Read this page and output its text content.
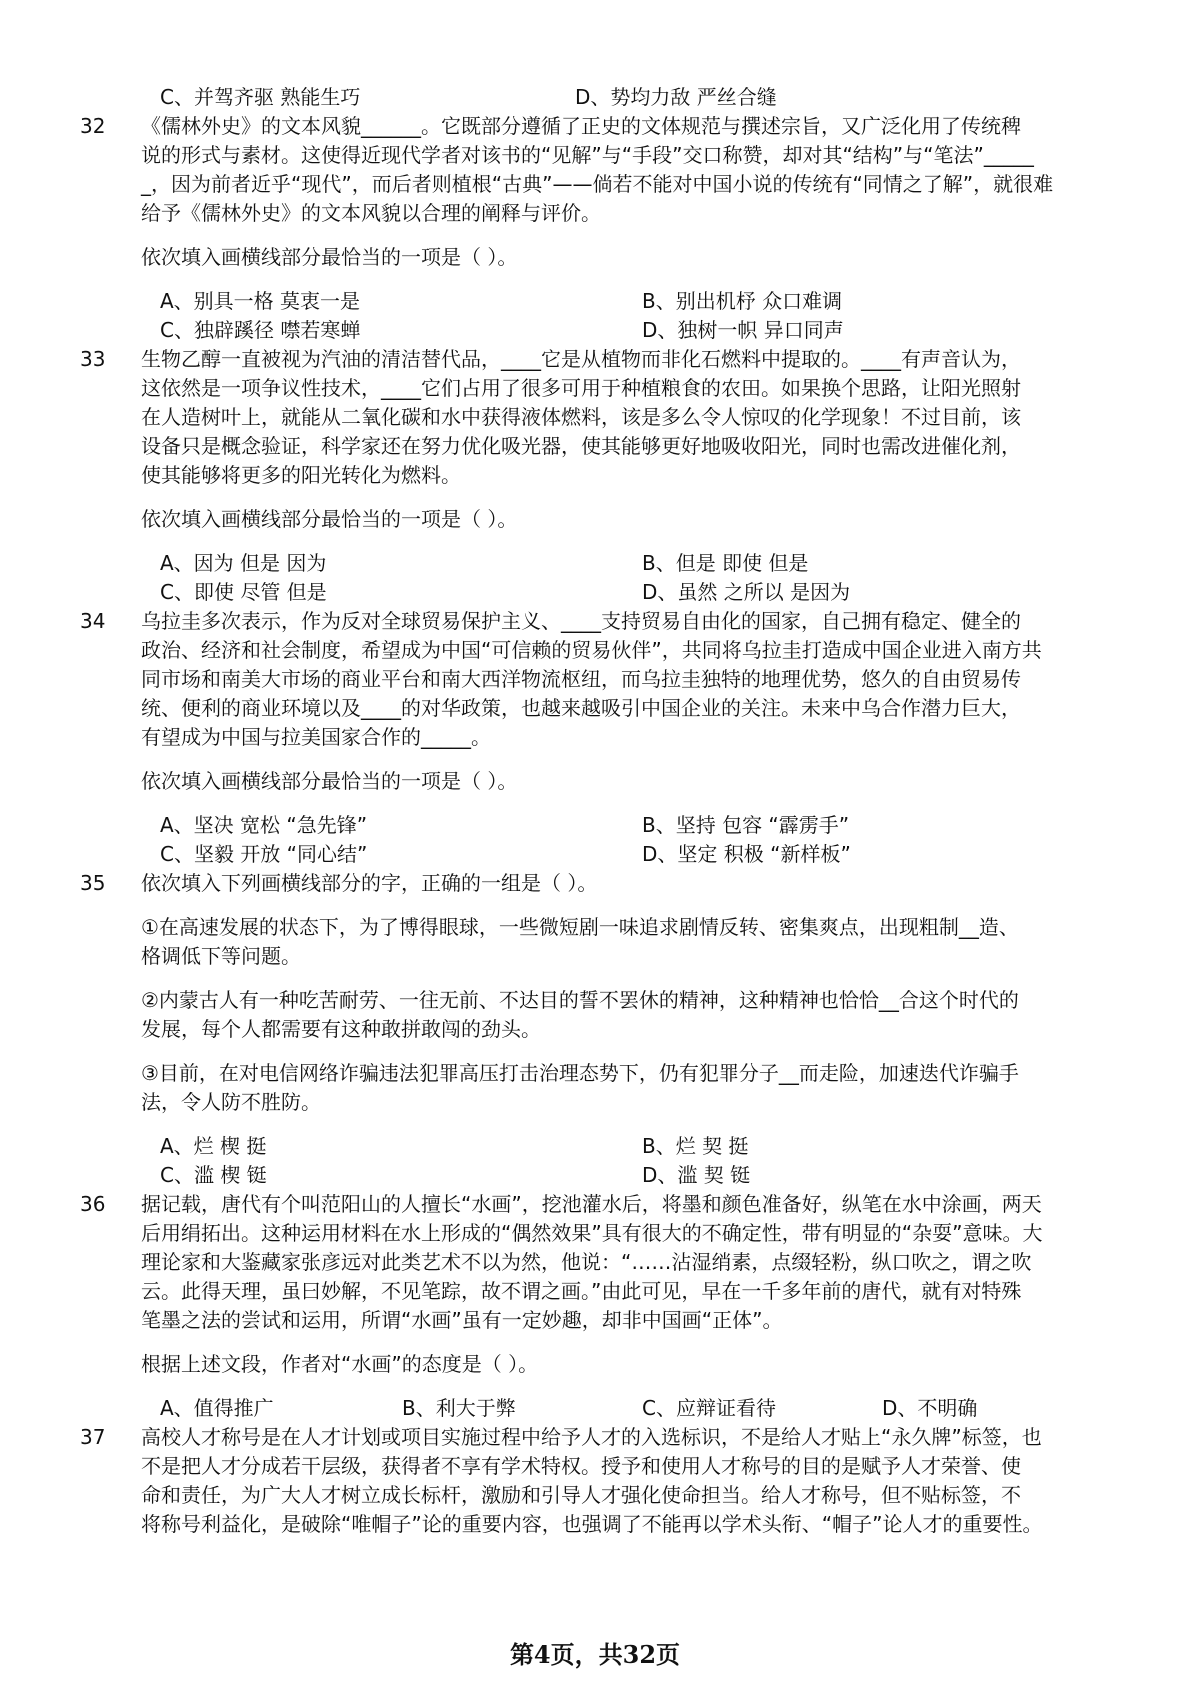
C、并驾齐驱 熟能生巧	D、势均力敌 严丝合缝
32 《儒林外史》的文本风貌______。它既部分遵循了正史的文体规范与撰述宗旨，又广泛化用了传统稗
说的形式与素材。这使得近现代学者对该书的“见解”与“手段”交口称赞，却对其“结构”与“笔法”_____
_，因为前者近乎“现代”，而后者则植根“古典”——倘若不能对中国小说的传统有“同情之了解”，就很难
给予《儒林外史》的文本风貌以合理的阐释与评价。
依次填入画横线部分最恰当的一项是（ ）。
A、别具一格 莫衷一是	B、别出机杼 众口难调
C、独辟蹊径 噤若寒蝉	D、独树一帜 异口同声
33 生物乙醇一直被视为汽油的清洁替代品，____它是从植物而非化石燃料中提取的。____有声音认为，
这依然是一项争议性技术，____它们占用了很多可用于种植粮食的农田。如果换个思路，让阳光照射
在人造树叶上，就能从二氧化碳和水中获得液体燃料，该是多么令人惊叹的化学现象！不过目前，该
设备只是概念验证，科学家还在努力优化吸光器，使其能够更好地吸收阳光，同时也需改进催化剂，
使其能够将更多的阳光转化为燃料。
依次填入画横线部分最恰当的一项是（ ）。
A、因为 但是 因为	B、但是 即使 但是
C、即使 尽管 但是	D、虽然 之所以 是因为
34 乌拉圭多次表示，作为反对全球贸易保护主义、____支持贸易自由化的国家，自己拥有稳定、健全的
政治、经济和社会制度，希望成为中国“可信赖的贸易伙伴”，共同将乌拉圭打造成中国企业进入南方共
同市场和南美大市场的商业平台和南大西洋物流枢纽，而乌拉圭独特的地理优势，悠久的自由贸易传
统、便利的商业环境以及____的对华政策，也越来越吸引中国企业的关注。未来中乌合作潜力巨大，
有望成为中国与拉美国家合作的_____。
依次填入画横线部分最恰当的一项是（ ）。
A、坚决 宽松 “急先锋”	B、坚持 包容 “霹雳手”
C、坚毅 开放 “同心结”	D、坚定 积极 “新样板”
35 依次填入下列画横线部分的字，正确的一组是（ ）。
①在高速发展的状态下，为了博得眼球，一些微短剧一味追求剧情反转、密集爽点，出现粗制__造、
格调低下等问题。
②内蒙古人有一种吃苦耐劳、一往无前、不达目的誓不罢休的精神，这种精神也恰恰__合这个时代的
发展，每个人都需要有这种敢拼敢闯的劲头。
③目前，在对电信网络诈骗违法犯罪高压打击治理态势下，仍有犯罪分子__而走险，加速迭代诈骗手
法，令人防不胜防。
A、烂 楔 挺	B、烂 契 挺
C、滥 楔 铤	D、滥 契 铤
36 据记载，唐代有个叫范阳山的人擅长“水画”，挖池灌水后，将墨和颜色准备好，纵笔在水中涂画，两天
后用绢拓出。这种运用材料在水上形成的“偶然效果”具有很大的不确定性，带有明显的“杂耍”意味。大
理论家和大鉴藏家张彦远对此类艺术不以为然，他说：“……沾湿绡素，点缀轻粉，纵口吹之，谓之吹
云。此得天理，虽曰妙解，不见笔踪，故不谓之画。”由此可见，早在一千多年前的唐代，就有对特殊
笔墨之法的尝试和运用，所谓“水画”虽有一定妙趣，却非中国画“正体”。
根据上述文段，作者对“水画”的态度是（ ）。
A、值得推广	B、利大于弊	C、应辩证看待	D、不明确
37 高校人才称号是在人才计划或项目实施过程中给予人才的入选标识，不是给人才贴上“永久牌”标签，也
不是把人才分成若干层级，获得者不享有学术特权。授予和使用人才称号的目的是赋予人才荣誉、使
命和责任，为广大人才树立成长标杆，激励和引导人才强化使命担当。给人才称号，但不贴标签，不
将称号利益化，是破除“唯帽子”论的重要内容，也强调了不能再以学术头衔、“帽子”论人才的重要性。
第4页，共32页
